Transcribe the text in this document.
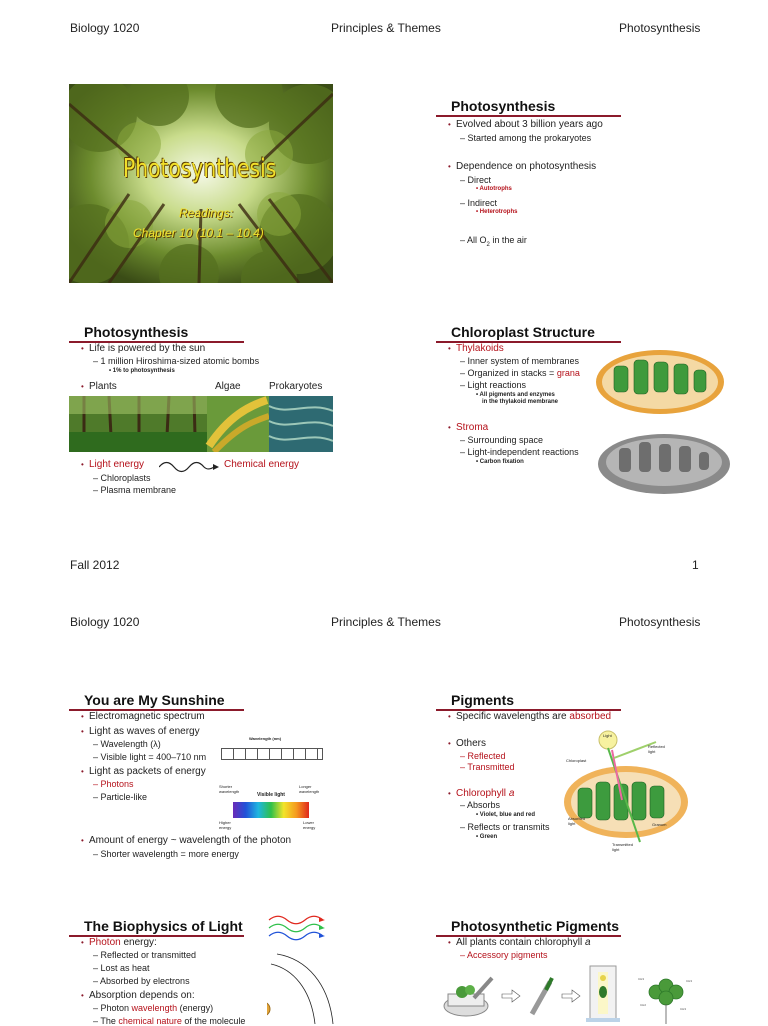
Biology 1020	Principles & Themes	Photosynthesis
Photosynthesis
Readings:
Chapter 10 (10.1 – 10.4)
Photosynthesis
• Evolved about 3 billion years ago
– Started among the prokaryotes
• Dependence on photosynthesis
– Direct
• Autotrophs
– Indirect
• Heterotrophs
– All $O_2$ in the air
Photosynthesis
• Life is powered by the sun
– 1 million Hiroshima-sized atomic bombs
• 1% to photosynthesis
• Plants	Algae	Prokaryotes
• Light energy	Chemical energy
– Chloroplasts
– Plasma membrane
Chloroplast Structure
• Thylakoids
– Inner system of membranes
– Organized in stacks = grana
– Light reactions
• All pigments and enzymes
in the thylakoid membrane
• Stroma
– Surrounding space
– Light-independent reactions
• Carbon fixation
Fall 2012	1
Biology 1020	Principles & Themes	Photosynthesis
You are My Sunshine
• Electromagnetic spectrum
• Light as waves of energy
– Wavelength (λ)
– Visible light = 400–710 nm
• Light as packets of energy
– Photons
– Particle-like
• Amount of energy ~ wavelength of the photon
– Shorter wavelength = more energy
Wavelength (nm)
Shorter wavelength
Longer wavelength
Visible light
Higher energy
Lower energy
Pigments
• Specific wavelengths are absorbed
• Others
– Reflected
– Transmitted
• Chlorophyll a
– Absorbs
• Violet, blue and red
– Reflects or transmits
• Green
Light
Reflected light
Chloroplast
Absorbed light	Granum
Transmitted light
The Biophysics of Light
• Photon energy:
– Reflected or transmitted
– Lost as heat
– Absorbed by electrons
• Absorption depends on:
– Photon wavelength (energy)
– The chemical nature of the molecule
Photosynthetic Pigments
• All plants contain chlorophyll a
– Accessory pigments
CH3	CH3
CH2
CH3
